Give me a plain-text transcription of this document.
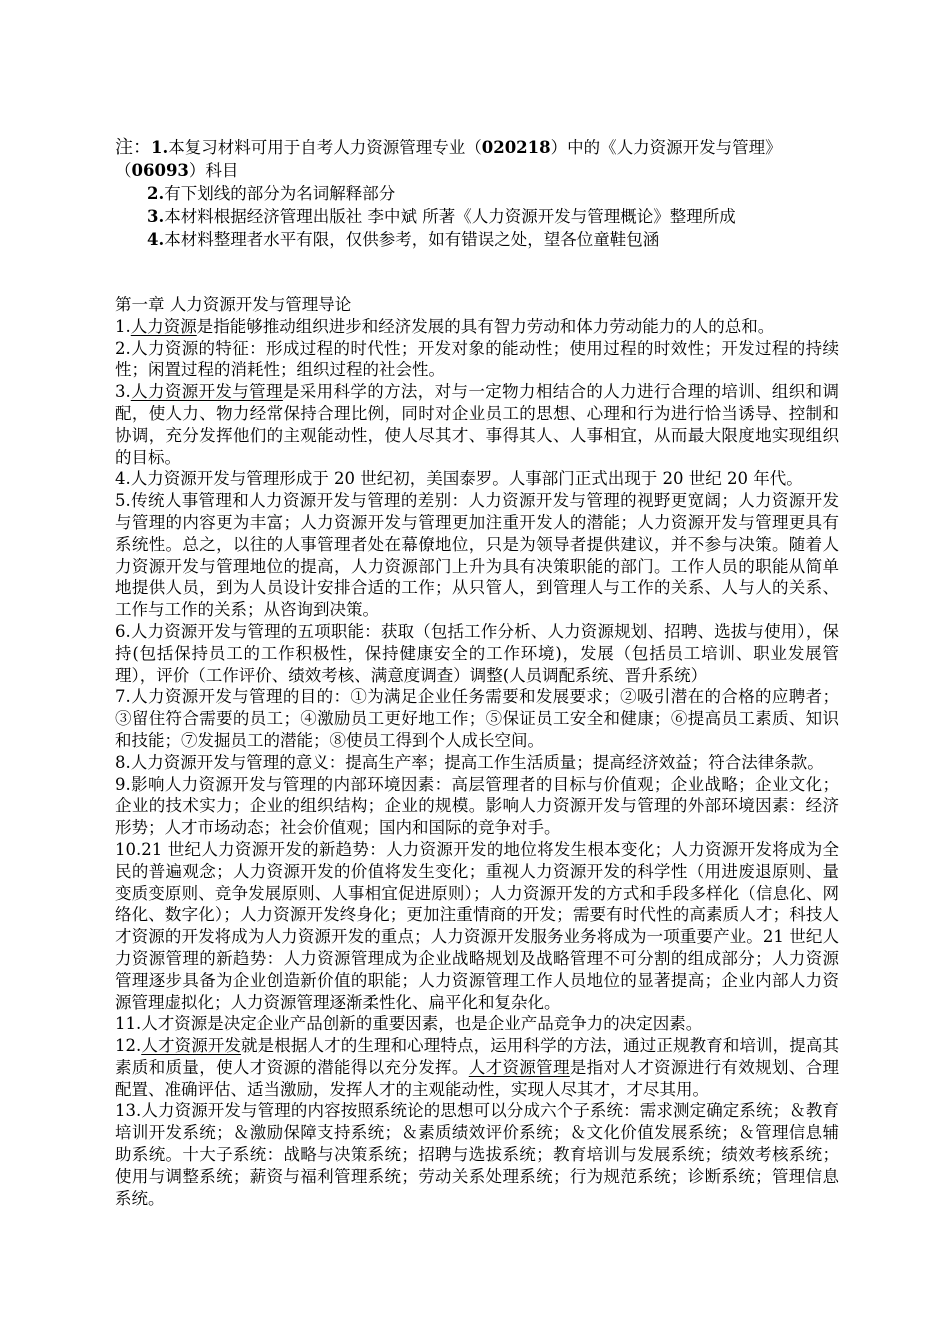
注：1.本复习材料可用于自考人力资源管理专业（020218）中的《人力资源开发与管理》（06093）科目
2.有下划线的部分为名词解释部分
3.本材料根据经济管理出版社 李中斌 所著《人力资源开发与管理概论》整理所成
4.本材料整理者水平有限，仅供参考，如有错误之处，望各位童鞋包涵

第一章 人力资源开发与管理导论

1.人力资源是指能够推动组织进步和经济发展的具有智力劳动和体力劳动能力的人的总和。

2.人力资源的特征：形成过程的时代性；开发对象的能动性；使用过程的时效性；开发过程的持续性；闲置过程的消耗性；组织过程的社会性。

3.人力资源开发与管理是采用科学的方法，对与一定物力相结合的人力进行合理的培训、组织和调配，使人力、物力经常保持合理比例，同时对企业员工的思想、心理和行为进行恰当诱导、控制和协调，充分发挥他们的主观能动性，使人尽其才、事得其人、人事相宜，从而最大限度地实现组织的目标。

4.人力资源开发与管理形成于 20 世纪初，美国泰罗。人事部门正式出现于 20 世纪 20 年代。

5.传统人事管理和人力资源开发与管理的差别：人力资源开发与管理的视野更宽阔；人力资源开发与管理的内容更为丰富；人力资源开发与管理更加注重开发人的潜能；人力资源开发与管理更具有系统性。总之，以往的人事管理者处在幕僚地位，只是为领导者提供建议，并不参与决策。随着人力资源开发与管理地位的提高，人力资源部门上升为具有决策职能的部门。工作人员的职能从简单地提供人员，到为人员设计安排合适的工作；从只管人，到管理人与工作的关系、人与人的关系、工作与工作的关系；从咨询到决策。

6.人力资源开发与管理的五项职能：获取（包括工作分析、人力资源规划、招聘、选拔与使用），保持(包括保持员工的工作积极性，保持健康安全的工作环境)，发展（包括员工培训、职业发展管理），评价（工作评价、绩效考核、满意度调查）调整(人员调配系统、晋升系统）

7.人力资源开发与管理的目的：①为满足企业任务需要和发展要求；②吸引潜在的合格的应聘者；③留住符合需要的员工；④激励员工更好地工作；⑤保证员工安全和健康；⑥提高员工素质、知识和技能；⑦发掘员工的潜能；⑧使员工得到个人成长空间。

8.人力资源开发与管理的意义：提高生产率；提高工作生活质量；提高经济效益；符合法律条款。

9.影响人力资源开发与管理的内部环境因素：高层管理者的目标与价值观；企业战略；企业文化；企业的技术实力；企业的组织结构；企业的规模。影响人力资源开发与管理的外部环境因素：经济形势；人才市场动态；社会价值观；国内和国际的竞争对手。

10.21 世纪人力资源开发的新趋势：人力资源开发的地位将发生根本变化；人力资源开发将成为全民的普遍观念；人力资源开发的价值将发生变化；重视人力资源开发的科学性（用进废退原则、量变质变原则、竞争发展原则、人事相宜促进原则）；人力资源开发的方式和手段多样化（信息化、网络化、数字化）；人力资源开发终身化；更加注重情商的开发；需要有时代性的高素质人才；科技人才资源的开发将成为人力资源开发的重点；人力资源开发服务业务将成为一项重要产业。21 世纪人力资源管理的新趋势：人力资源管理成为企业战略规划及战略管理不可分割的组成部分；人力资源管理逐步具备为企业创造新价值的职能；人力资源管理工作人员地位的显著提高；企业内部人力资源管理虚拟化；人力资源管理逐渐柔性化、扁平化和复杂化。

11.人才资源是决定企业产品创新的重要因素，也是企业产品竞争力的决定因素。

12.人才资源开发就是根据人才的生理和心理特点，运用科学的方法，通过正规教育和培训，提高其素质和质量，使人才资源的潜能得以充分发挥。人才资源管理是指对人才资源进行有效规划、合理配置、准确评估、适当激励，发挥人才的主观能动性，实现人尽其才，才尽其用。

13.人力资源开发与管理的内容按照系统论的思想可以分成六个子系统：需求测定确定系统；＆教育培训开发系统；＆激励保障支持系统；＆素质绩效评价系统；＆文化价值发展系统；＆管理信息辅助系统。十大子系统：战略与决策系统；招聘与选拔系统；教育培训与发展系统；绩效考核系统；使用与调整系统；薪资与福利管理系统；劳动关系处理系统；行为规范系统；诊断系统；管理信息系统。
